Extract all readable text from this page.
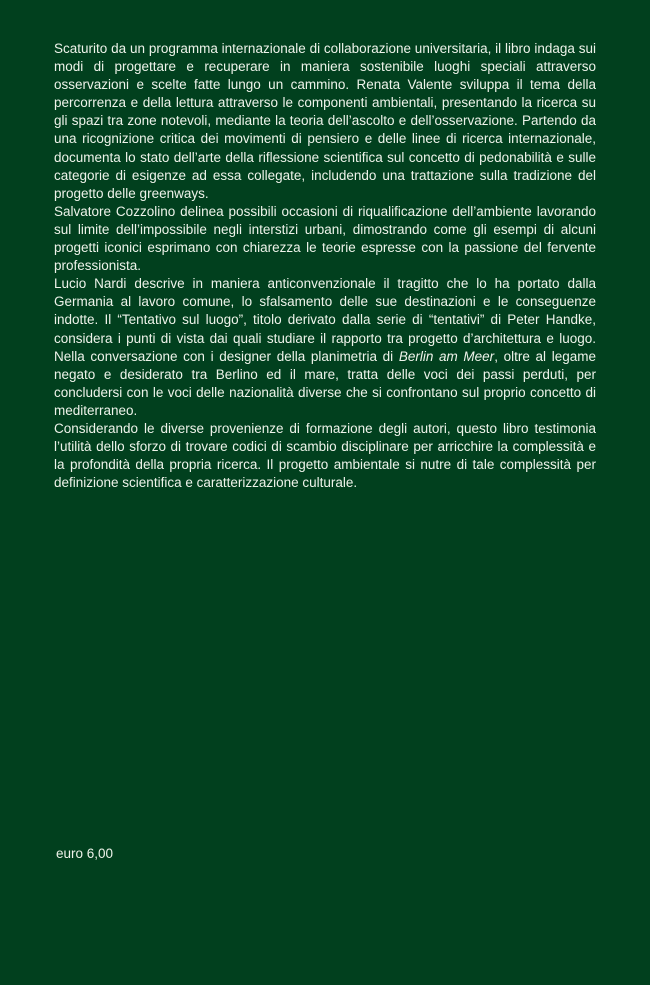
Scaturito da un programma internazionale di collaborazione universitaria, il libro indaga sui modi di progettare e recuperare in maniera sostenibile luoghi speciali attraverso osservazioni e scelte fatte lungo un cammino. Renata Valente sviluppa il tema della percorrenza e della lettura attraverso le componenti ambientali, presentando la ricerca su gli spazi tra zone notevoli, mediante la teoria dell’ascolto e dell’osservazione. Partendo da una ricognizione critica dei movimenti di pensiero e delle linee di ricerca internazionale, documenta lo stato dell’arte della riflessione scientifica sul concetto di pedonabilità e sulle categorie di esigenze ad essa collegate, includendo una trattazione sulla tradizione del progetto delle greenways.

Salvatore Cozzolino delinea possibili occasioni di riqualificazione dell’ambiente lavorando sul limite dell’impossibile negli interstizi urbani, dimostrando come gli esempi di alcuni progetti iconici esprimano con chiarezza le teorie espresse con la passione del fervente professionista.

Lucio Nardi descrive in maniera anticonvenzionale il tragitto che lo ha portato dalla Germania al lavoro comune, lo sfalsamento delle sue destinazioni e le conseguenze indotte. Il “Tentativo sul luogo”, titolo derivato dalla serie di “tentativi” di Peter Handke, considera i punti di vista dai quali studiare il rapporto tra progetto d’architettura e luogo. Nella conversazione con i designer della planimetria di Berlin am Meer, oltre al legame negato e desiderato tra Berlino ed il mare, tratta delle voci dei passi perduti, per concludersi con le voci delle nazionalità diverse che si confrontano sul proprio concetto di mediterraneo.

Considerando le diverse provenienze di formazione degli autori, questo libro testimonia l’utilità dello sforzo di trovare codici di scambio disciplinare per arricchire la complessità e la profondità della propria ricerca. Il progetto ambientale si nutre di tale complessità per definizione scientifica e caratterizzazione culturale.

euro 6,00
